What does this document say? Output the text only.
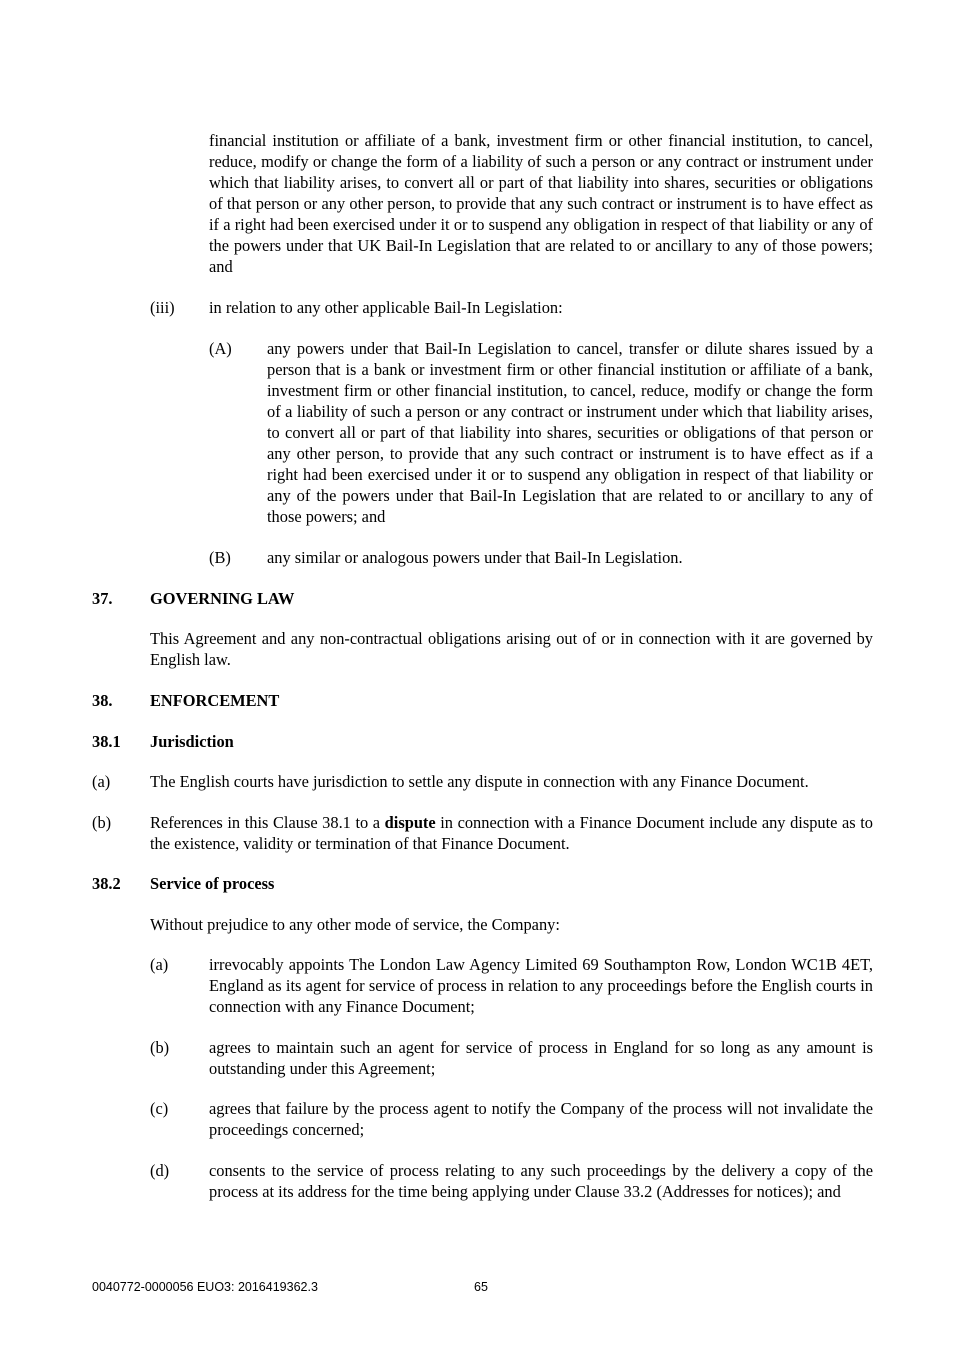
financial institution or affiliate of a bank, investment firm or other financial institution, to cancel, reduce, modify or change the form of a liability of such a person or any contract or instrument under which that liability arises, to convert all or part of that liability into shares, securities or obligations of that person or any other person, to provide that any such contract or instrument is to have effect as if a right had been exercised under it or to suspend any obligation in respect of that liability or any of the powers under that UK Bail-In Legislation that are related to or ancillary to any of those powers; and
(iii) in relation to any other applicable Bail-In Legislation:
(A) any powers under that Bail-In Legislation to cancel, transfer or dilute shares issued by a person that is a bank or investment firm or other financial institution or affiliate of a bank, investment firm or other financial institution, to cancel, reduce, modify or change the form of a liability of such a person or any contract or instrument under which that liability arises, to convert all or part of that liability into shares, securities or obligations of that person or any other person, to provide that any such contract or instrument is to have effect as if a right had been exercised under it or to suspend any obligation in respect of that liability or any of the powers under that Bail-In Legislation that are related to or ancillary to any of those powers; and
(B) any similar or analogous powers under that Bail-In Legislation.
37. GOVERNING LAW
This Agreement and any non-contractual obligations arising out of or in connection with it are governed by English law.
38. ENFORCEMENT
38.1 Jurisdiction
(a) The English courts have jurisdiction to settle any dispute in connection with any Finance Document.
(b) References in this Clause 38.1 to a dispute in connection with a Finance Document include any dispute as to the existence, validity or termination of that Finance Document.
38.2 Service of process
Without prejudice to any other mode of service, the Company:
(a) irrevocably appoints The London Law Agency Limited 69 Southampton Row, London WC1B 4ET, England as its agent for service of process in relation to any proceedings before the English courts in connection with any Finance Document;
(b) agrees to maintain such an agent for service of process in England for so long as any amount is outstanding under this Agreement;
(c) agrees that failure by the process agent to notify the Company of the process will not invalidate the proceedings concerned;
(d) consents to the service of process relating to any such proceedings by the delivery a copy of the process at its address for the time being applying under Clause 33.2 (Addresses for notices); and
0040772-0000056 EUO3: 2016419362.3	65
